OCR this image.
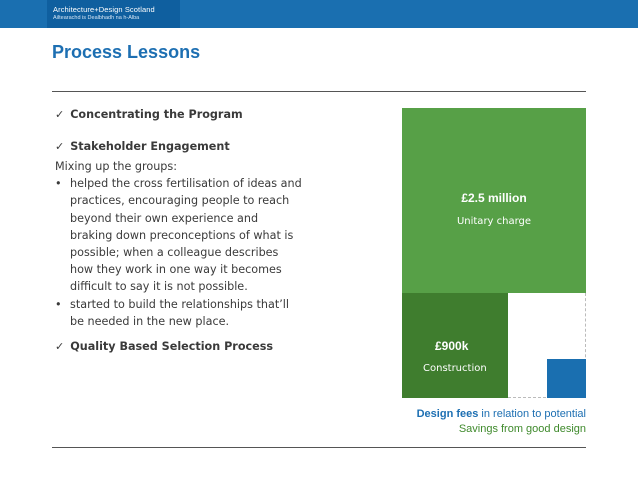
Architecture+Design Scotland
Ailtearachd is Dealbhadh na h-Alba
Process Lessons
✓ Concentrating the Program
✓ Stakeholder Engagement

Mixing up the groups:

• helped the cross fertilisation of ideas and
practices, encouraging people to reach
beyond their own experience and
braking down preconceptions of what is
possible; when a colleague describes
how they work in one way it becomes
difficult to say it is not possible.
• started to build the relationships that’ll
be needed in the new place.
✓ Quality Based Selection Process
£2.5 million
Unitary charge
£900k
Construction
Design fees in relation to potential
Savings from good design
